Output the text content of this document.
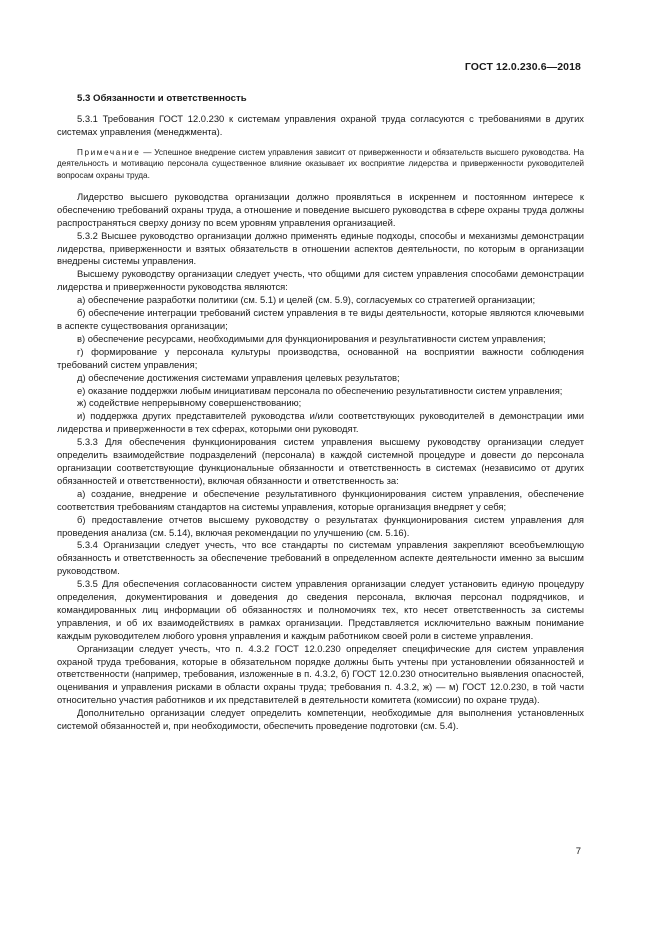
ГОСТ 12.0.230.6—2018
5.3 Обязанности и ответственность

5.3.1 Требования ГОСТ 12.0.230 к системам управления охраной труда согласуются с требованиями в других системах управления (менеджмента).

Примечание — Успешное внедрение систем управления зависит от приверженности и обязательств высшего руководства. На деятельность и мотивацию персонала существенное влияние оказывает их восприятие лидерства и приверженности руководителей вопросам охраны труда.

Лидерство высшего руководства организации должно проявляться в искреннем и постоянном интересе к обеспечению требований охраны труда, а отношение и поведение высшего руководства в сфере охраны труда должны распространяться сверху донизу по всем уровням управления организацией.

5.3.2 Высшее руководство организации должно применять единые подходы, способы и механизмы демонстрации лидерства, приверженности и взятых обязательств в отношении аспектов деятельности, по которым в организации внедрены системы управления.

Высшему руководству организации следует учесть, что общими для систем управления способами демонстрации лидерства и приверженности руководства являются:

а) обеспечение разработки политики (см. 5.1) и целей (см. 5.9), согласуемых со стратегией организации;

б) обеспечение интеграции требований систем управления в те виды деятельности, которые являются ключевыми в аспекте существования организации;

в) обеспечение ресурсами, необходимыми для функционирования и результативности систем управления;

г) формирование у персонала культуры производства, основанной на восприятии важности соблюдения требований систем управления;

д) обеспечение достижения системами управления целевых результатов;

е) оказание поддержки любым инициативам персонала по обеспечению результативности систем управления;

ж) содействие непрерывному совершенствованию;

и) поддержка других представителей руководства и/или соответствующих руководителей в демонстрации ими лидерства и приверженности в тех сферах, которыми они руководят.

5.3.3 Для обеспечения функционирования систем управления высшему руководству организации следует определить взаимодействие подразделений (персонала) в каждой системной процедуре и довести до персонала организации соответствующие функциональные обязанности и ответственность в системах (независимо от других обязанностей и ответственности), включая обязанности и ответственность за:

а) создание, внедрение и обеспечение результативного функционирования систем управления, обеспечение соответствия требованиям стандартов на системы управления, которые организация внедряет у себя;

б) предоставление отчетов высшему руководству о результатах функционирования систем управления для проведения анализа (см. 5.14), включая рекомендации по улучшению (см. 5.16).

5.3.4 Организации следует учесть, что все стандарты по системам управления закрепляют всеобъемлющую обязанность и ответственность за обеспечение требований в определенном аспекте деятельности именно за высшим руководством.

5.3.5 Для обеспечения согласованности систем управления организации следует установить единую процедуру определения, документирования и доведения до сведения персонала, включая персонал подрядчиков, и командированных лиц информации об обязанностях и полномочиях тех, кто несет ответственность за системы управления, и об их взаимодействиях в рамках организации. Представляется исключительно важным понимание каждым руководителем любого уровня управления и каждым работником своей роли в системе управления.

Организации следует учесть, что п. 4.3.2 ГОСТ 12.0.230 определяет специфические для систем управления охраной труда требования, которые в обязательном порядке должны быть учтены при установлении обязанностей и ответственности (например, требования, изложенные в п. 4.3.2, б) ГОСТ 12.0.230 относительно выявления опасностей, оценивания и управления рисками в области охраны труда; требования п. 4.3.2, ж) — м) ГОСТ 12.0.230, в той части относительно участия работников и их представителей в деятельности комитета (комиссии) по охране труда).

Дополнительно организации следует определить компетенции, необходимые для выполнения установленных системой обязанностей и, при необходимости, обеспечить проведение подготовки (см. 5.4).

7
